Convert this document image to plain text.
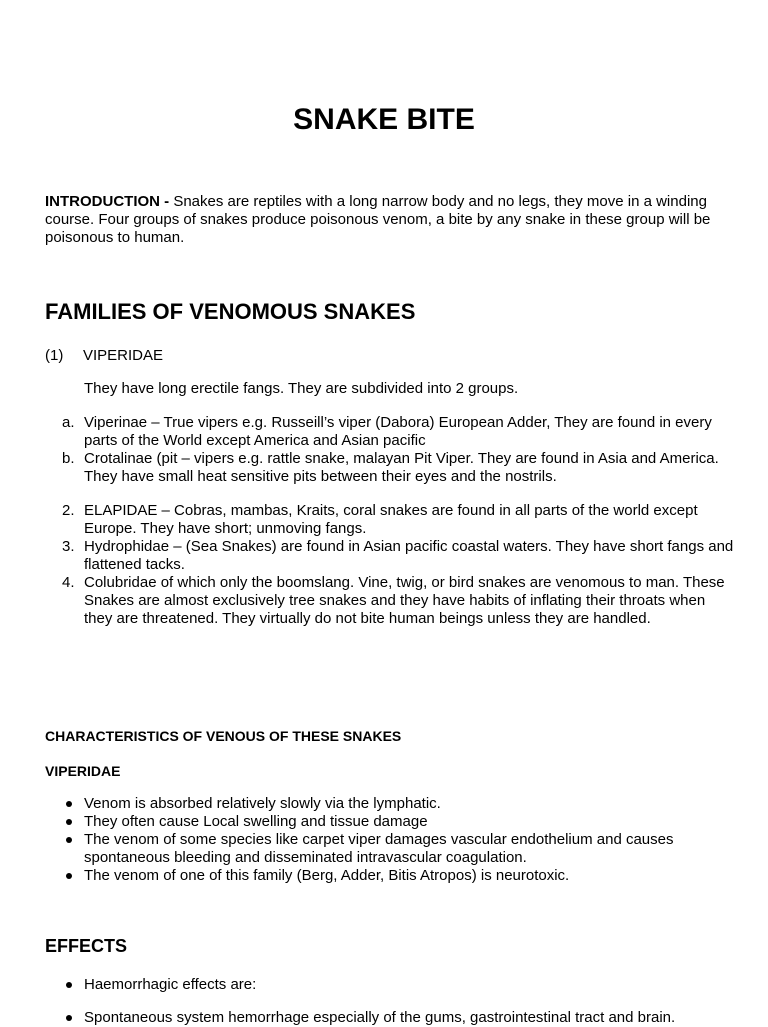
SNAKE BITE

INTRODUCTION - Snakes are reptiles with a long narrow body and no legs, they move in a winding course. Four groups of snakes produce poisonous venom, a bite by any snake in these group will be poisonous to human.

FAMILIES OF VENOMOUS SNAKES
(1) VIPERIDAE

They have long erectile fangs. They are subdivided into 2 groups.

a. Viperinae – True vipers e.g. Russeill’s viper (Dabora) European Adder, They are found in every parts of the World except America and Asian pacific
b. Crotalinae (pit – vipers e.g. rattle snake, malayan Pit Viper. They are found in Asia and America. They have small heat sensitive pits between their eyes and the nostrils.
2. ELAPIDAE – Cobras, mambas, Kraits, coral snakes are found in all parts of the world except Europe. They have short; unmoving fangs.
3. Hydrophidae – (Sea Snakes) are found in Asian pacific coastal waters. They have short fangs and flattened tacks.
4. Colubridae of which only the boomslang. Vine, twig, or bird snakes are venomous to man. These Snakes are almost exclusively tree snakes and they have habits of inflating their throats when they are threatened. They virtually do not bite human beings unless they are handled.
CHARACTERISTICS OF VENOUS OF THESE SNAKES
VIPERIDAE
Venom is absorbed relatively slowly via the lymphatic.
They often cause Local swelling and tissue damage
The venom of some species like carpet viper damages vascular endothelium and causes spontaneous bleeding and disseminated intravascular coagulation.
The venom of one of this family (Berg, Adder, Bitis Atropos) is neurotoxic.
EFFECTS
Haemorrhagic effects are:
Spontaneous system hemorrhage especially of the gums, gastrointestinal tract and brain.
